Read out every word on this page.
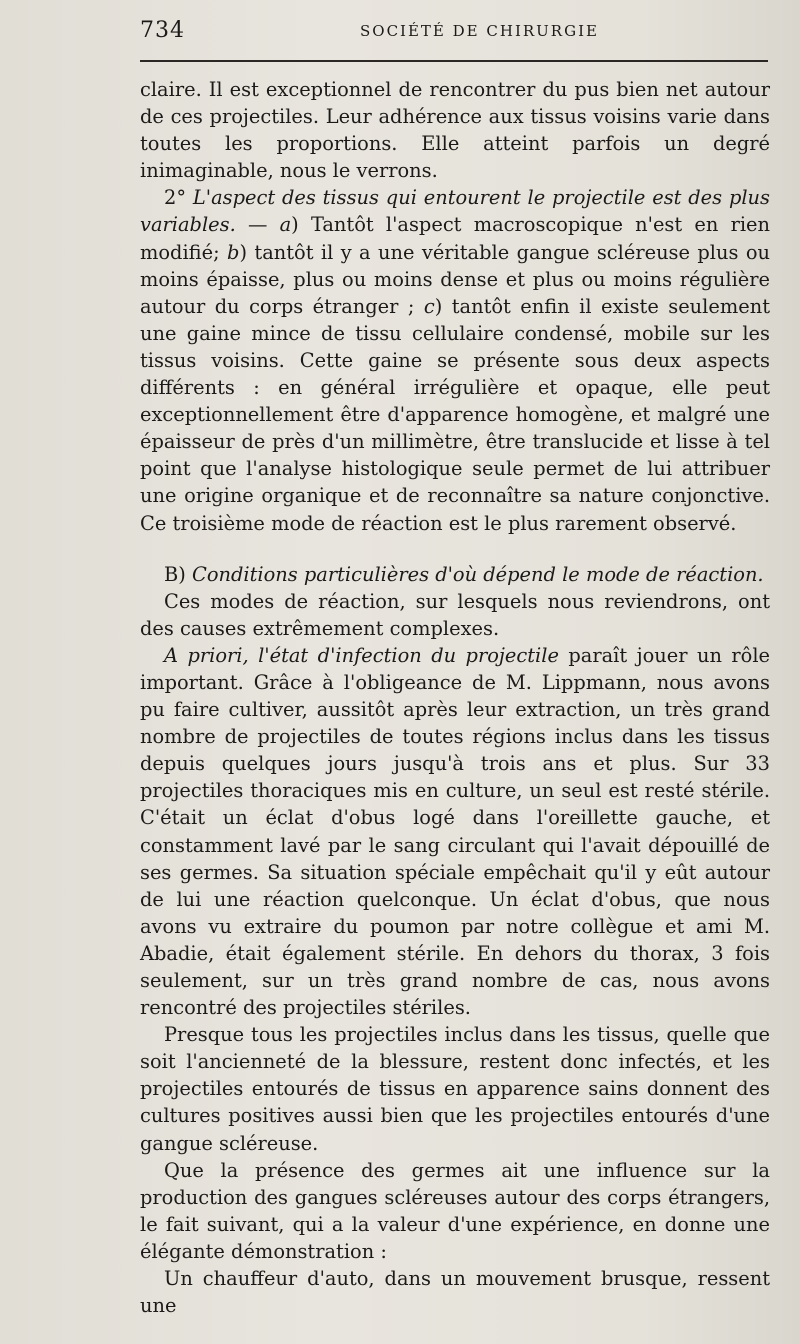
734	SOCIÉTÉ DE CHIRURGIE

claire. Il est exceptionnel de rencontrer du pus bien net autour de ces projectiles. Leur adhérence aux tissus voisins varie dans toutes les proportions. Elle atteint parfois un degré inimaginable, nous le verrons.

2° L'aspect des tissus qui entourent le projectile est des plus variables. — a) Tantôt l'aspect macroscopique n'est en rien modifié; b) tantôt il y a une véritable gangue scléreuse plus ou moins épaisse, plus ou moins dense et plus ou moins régulière autour du corps étranger ; c) tantôt enfin il existe seulement une gaine mince de tissu cellulaire condensé, mobile sur les tissus voisins. Cette gaine se présente sous deux aspects différents : en général irrégulière et opaque, elle peut exceptionnellement être d'apparence homogène, et malgré une épaisseur de près d'un millimètre, être translucide et lisse à tel point que l'analyse histologique seule permet de lui attribuer une origine organique et de reconnaître sa nature conjonctive. Ce troisième mode de réaction est le plus rarement observé.

B) Conditions particulières d'où dépend le mode de réaction.

Ces modes de réaction, sur lesquels nous reviendrons, ont des causes extrêmement complexes.

A priori, l'état d'infection du projectile paraît jouer un rôle important. Grâce à l'obligeance de M. Lippmann, nous avons pu faire cultiver, aussitôt après leur extraction, un très grand nombre de projectiles de toutes régions inclus dans les tissus depuis quelques jours jusqu'à trois ans et plus. Sur 33 projectiles thoraciques mis en culture, un seul est resté stérile. C'était un éclat d'obus logé dans l'oreillette gauche, et constamment lavé par le sang circulant qui l'avait dépouillé de ses germes. Sa situation spéciale empêchait qu'il y eût autour de lui une réaction quelconque. Un éclat d'obus, que nous avons vu extraire du poumon par notre collègue et ami M. Abadie, était également stérile. En dehors du thorax, 3 fois seulement, sur un très grand nombre de cas, nous avons rencontré des projectiles stériles.

Presque tous les projectiles inclus dans les tissus, quelle que soit l'ancienneté de la blessure, restent donc infectés, et les projectiles entourés de tissus en apparence sains donnent des cultures positives aussi bien que les projectiles entourés d'une gangue scléreuse.

Que la présence des germes ait une influence sur la production des gangues scléreuses autour des corps étrangers, le fait suivant, qui a la valeur d'une expérience, en donne une élégante démonstration :

Un chauffeur d'auto, dans un mouvement brusque, ressent une
